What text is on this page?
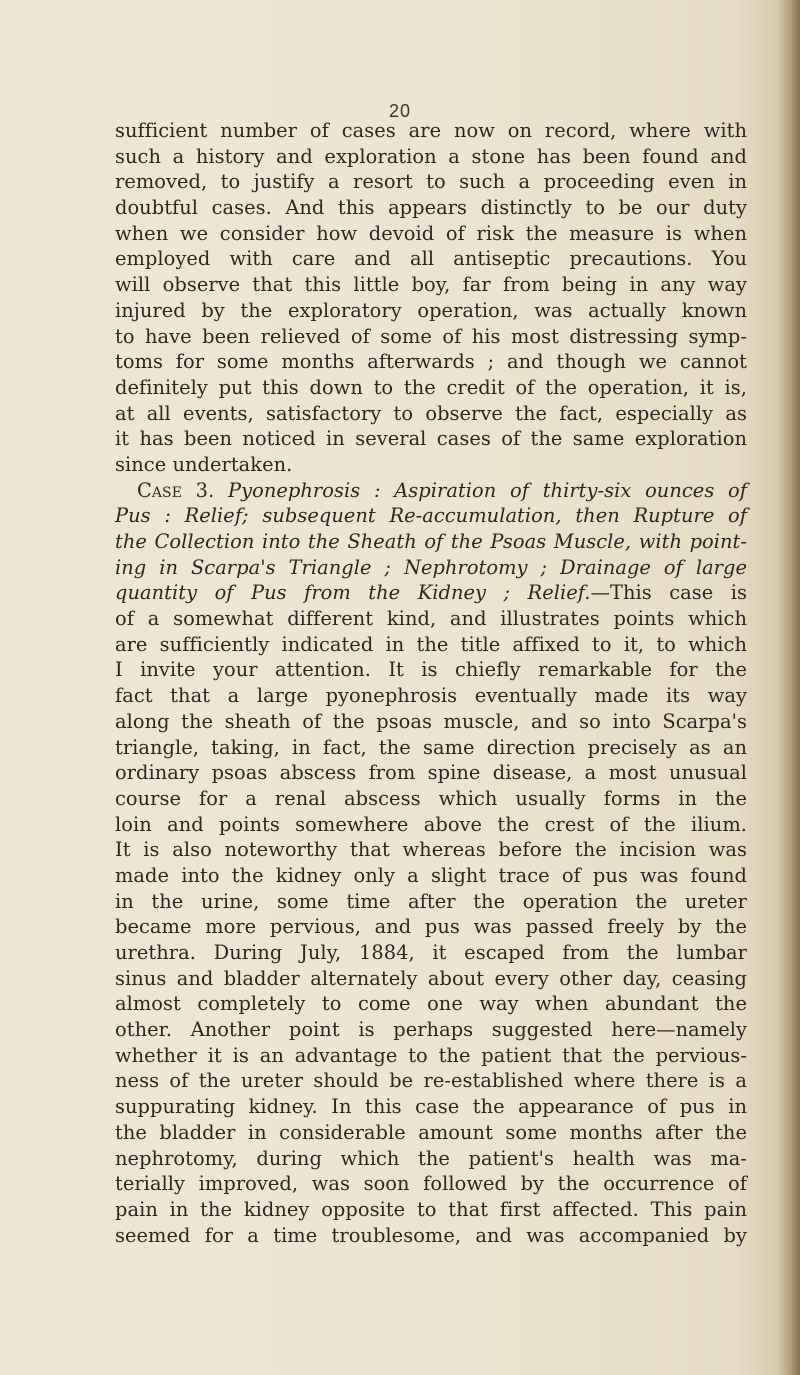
20
sufficient number of cases are now on record, where with
such a history and exploration a stone has been found and
removed, to justify a resort to such a proceeding even in
doubtful cases. And this appears distinctly to be our duty
when we consider how devoid of risk the measure is when
employed with care and all antiseptic precautions. You
will observe that this little boy, far from being in any way
injured by the exploratory operation, was actually known
to have been relieved of some of his most distressing symp-
toms for some months afterwards ; and though we cannot
definitely put this down to the credit of the operation, it is,
at all events, satisfactory to observe the fact, especially as
it has been noticed in several cases of the same exploration
since undertaken.
Case 3. Pyonephrosis : Aspiration of thirty-six ounces of
Pus : Relief; subsequent Re-accumulation, then Rupture of
the Collection into the Sheath of the Psoas Muscle, with point-
ing in Scarpa's Triangle ; Nephrotomy ; Drainage of large
quantity of Pus from the Kidney ; Relief.—This case is
of a somewhat different kind, and illustrates points which
are sufficiently indicated in the title affixed to it, to which
I invite your attention. It is chiefly remarkable for the
fact that a large pyonephrosis eventually made its way
along the sheath of the psoas muscle, and so into Scarpa's
triangle, taking, in fact, the same direction precisely as an
ordinary psoas abscess from spine disease, a most unusual
course for a renal abscess which usually forms in the
loin and points somewhere above the crest of the ilium.
It is also noteworthy that whereas before the incision was
made into the kidney only a slight trace of pus was found
in the urine, some time after the operation the ureter
became more pervious, and pus was passed freely by the
urethra. During July, 1884, it escaped from the lumbar
sinus and bladder alternately about every other day, ceasing
almost completely to come one way when abundant the
other. Another point is perhaps suggested here—namely
whether it is an advantage to the patient that the pervious-
ness of the ureter should be re-established where there is a
suppurating kidney. In this case the appearance of pus in
the bladder in considerable amount some months after the
nephrotomy, during which the patient's health was ma-
terially improved, was soon followed by the occurrence of
pain in the kidney opposite to that first affected. This pain
seemed for a time troublesome, and was accompanied by
